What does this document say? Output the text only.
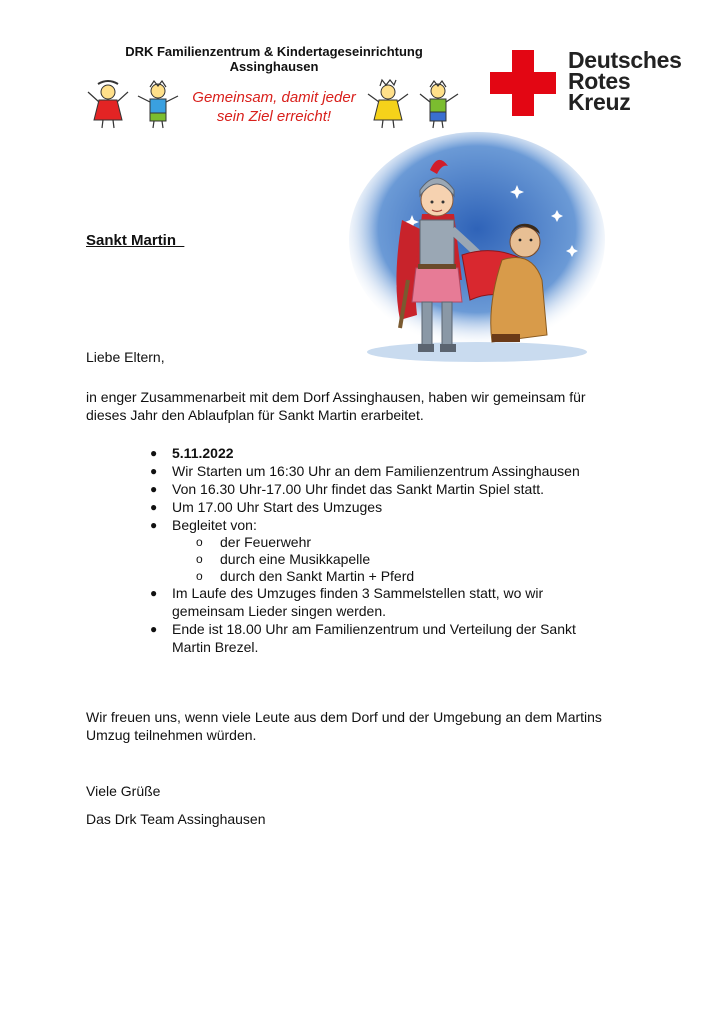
DRK Familienzentrum & Kindertageseinrichtung
Assinghausen
Gemeinsam, damit jeder
sein Ziel erreicht!
Deutsches
Rotes
Kreuz
Sankt Martin
Liebe Eltern,
in enger Zusammenarbeit mit dem Dorf Assinghausen, haben wir gemeinsam für dieses Jahr den Ablaufplan für Sankt Martin erarbeitet.
● 5.11.2022
● Wir Starten um 16:30 Uhr an dem Familienzentrum Assinghausen
● Von 16.30 Uhr-17.00 Uhr findet das Sankt Martin Spiel statt.
● Um 17.00 Uhr Start des Umzuges
● Begleitet von:
o der Feuerwehr
o durch eine Musikkapelle
o durch den Sankt Martin + Pferd
● Im Laufe des Umzuges finden 3 Sammelstellen statt, wo wir gemeinsam Lieder singen werden.
● Ende ist 18.00 Uhr am Familienzentrum und Verteilung der Sankt Martin Brezel.
Wir freuen uns, wenn viele Leute aus dem Dorf und der Umgebung an dem Martins Umzug teilnehmen würden.
Viele Grüße
Das Drk Team Assinghausen
